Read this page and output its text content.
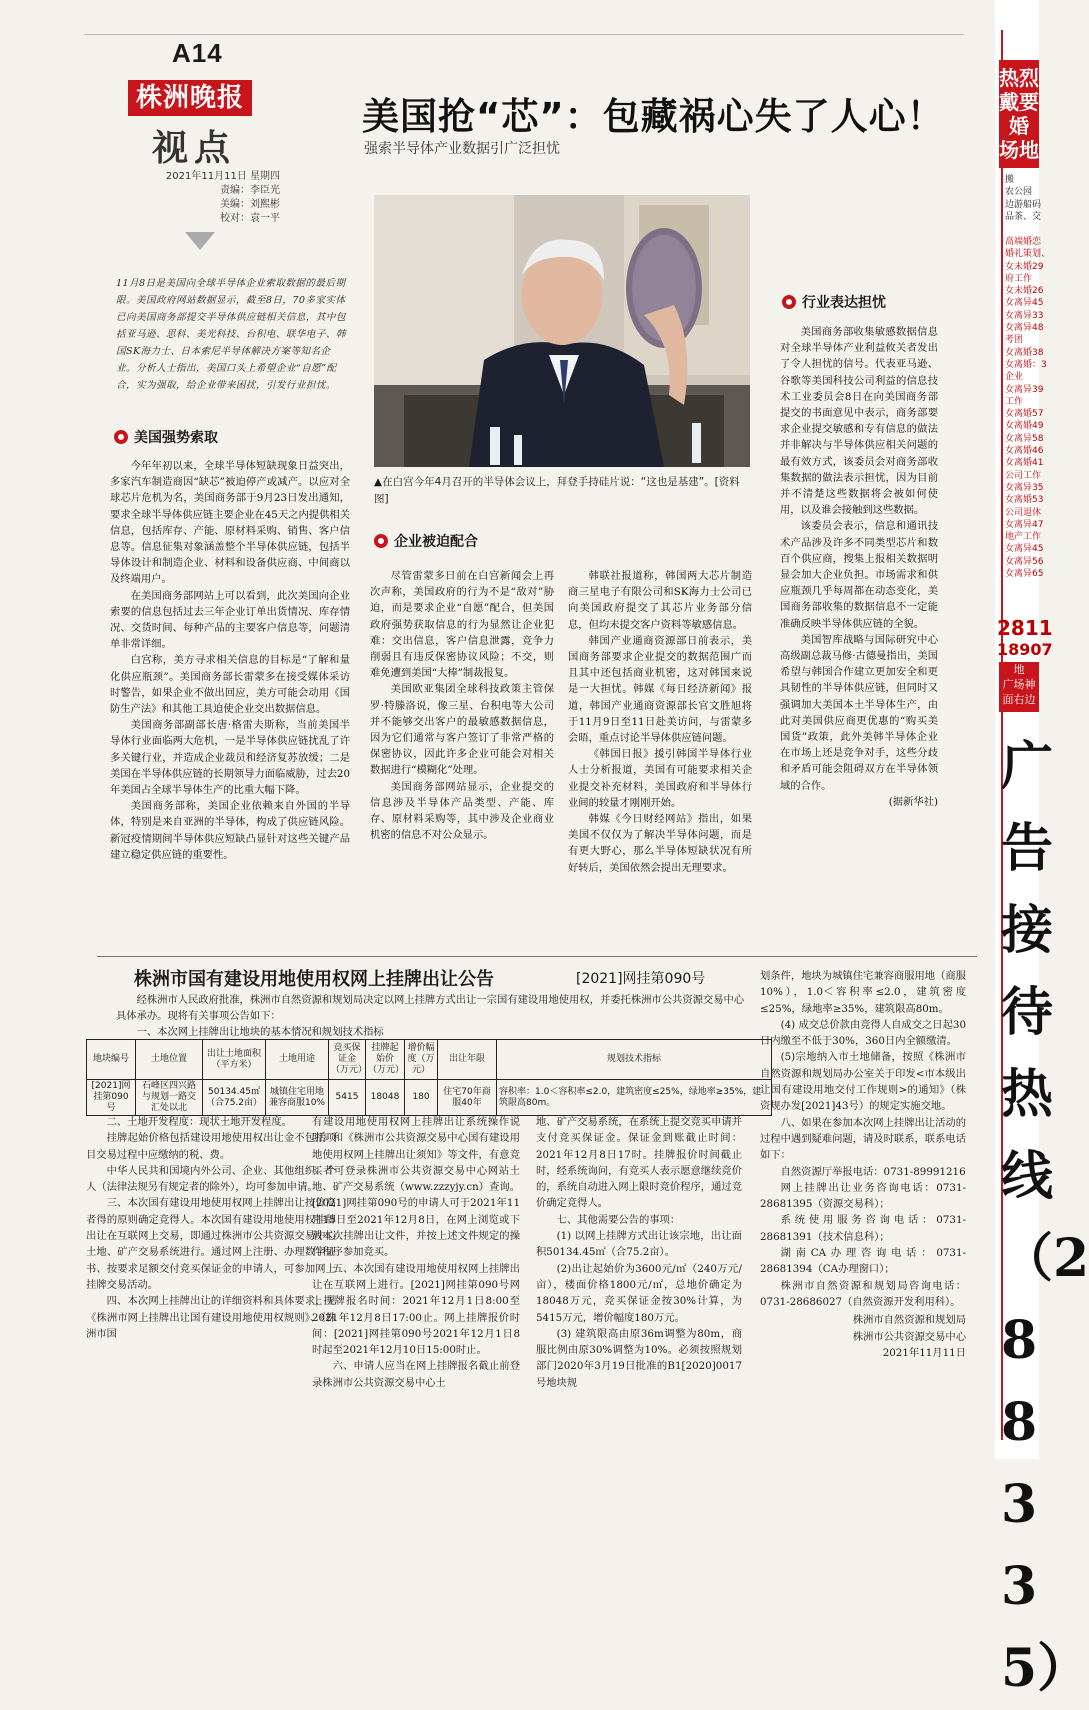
A14
株洲晚报
视点
2021年11月11日 星期四
责编：李臣光
美编：刘熙彬
校对：袁一平
美国抢“芯”：包藏祸心失了人心！
强索半导体产业数据引广泛担忧
11月8日是美国向全球半导体企业索取数据的最后期限。美国政府网站数据显示，截至8日，70多家实体已向美国商务部提交半导体供应链相关信息，其中包括亚马逊、思科、美光科技、台积电、联华电子、韩国SK海力士、日本索尼半导体解决方案等知名企业。分析人士指出，美国口头上希望企业“自愿”配合，实为强取，给企业带来困扰，引发行业担忧。
▲在白宫今年4月召开的半导体会议上，拜登手持硅片说：“这也是基建”。[资料图]
美国强势索取

今年年初以来，全球半导体短缺现象日益突出，多家汽车制造商因“缺芯”被迫停产或减产。以应对全球芯片危机为名，美国商务部于9月23日发出通知，要求全球半导体供应链主要企业在45天之内提供相关信息，包括库存、产能、原材料采购、销售、客户信息等。信息征集对象涵盖整个半导体供应链，包括半导体设计和制造企业、材料和设备供应商、中间商以及终端用户。

在美国商务部网站上可以看到，此次美国向企业索要的信息包括过去三年企业订单出货情况、库存情况、交货时间、每种产品的主要客户信息等，问题清单非常详细。

白宫称，美方寻求相关信息的目标是“了解和量化供应瓶颈”。美国商务部长雷蒙多在接受媒体采访时警告，如果企业不做出回应，美方可能会动用《国防生产法》和其他工具迫使企业交出数据信息。

美国商务部副部长唐·格雷夫斯称，当前美国半导体行业面临两大危机，一是半导体供应链扰乱了许多关键行业，并造成企业裁员和经济复苏放缓；二是美国在半导体供应链的长期领导力面临威胁，过去20年美国占全球半导体生产的比重大幅下降。

美国商务部称，美国企业依赖来自外国的半导体，特别是来自亚洲的半导体，构成了供应链风险。新冠疫情期间半导体供应短缺凸显针对这些关键产品建立稳定供应链的重要性。

企业被迫配合

尽管雷蒙多日前在白宫新闻会上再次声称，美国政府的行为不是“敌对”胁迫，而是要求企业“自愿”配合，但美国政府强势获取信息的行为显然让企业犯难：交出信息，客户信息泄露，竞争力削弱且有违反保密协议风险；不交，则难免遭到美国“大棒”制裁报复。

美国欧亚集团全球科技政策主管保罗·特滕洛说，像三星、台积电等大公司并不能够交出客户的最敏感数据信息，因为它们通常与客户签订了非常严格的保密协议，因此许多企业可能会对相关数据进行“模糊化”处理。

美国商务部网站显示，企业提交的信息涉及半导体产品类型、产能、库存、原材料采购等，其中涉及企业商业机密的信息不对公众显示。

韩联社报道称，韩国两大芯片制造商三星电子有限公司和SK海力士公司已向美国政府提交了其芯片业务部分信息，但均未提交客户资料等敏感信息。

韩国产业通商资源部日前表示，美国商务部要求企业提交的数据范围广而且其中还包括商业机密，这对韩国来说是一大担忧。韩媒《每日经济新闻》报道，韩国产业通商资源部长官文胜旭将于11月9日至11日赴美访问，与雷蒙多会晤，重点讨论半导体供应链问题。

《韩国日报》援引韩国半导体行业人士分析报道，美国有可能要求相关企业提交补充材料，美国政府和半导体行业间的较量才刚刚开始。

韩媒《今日财经网站》指出，如果美国不仅仅为了解决半导体问题，而是有更大野心，那么半导体短缺状况有所好转后，美国依然会提出无理要求。

行业表达担忧

美国商务部收集敏感数据信息对全球半导体产业利益攸关者发出了令人担忧的信号。代表亚马逊、谷歌等美国科技公司利益的信息技术工业委员会8日在向美国商务部提交的书面意见中表示，商务部要求企业提交敏感和专有信息的做法并非解决与半导体供应相关问题的最有效方式，该委员会对商务部收集数据的做法表示担忧，因为目前并不清楚这些数据将会被如何使用，以及谁会接触到这些数据。

该委员会表示，信息和通讯技术产品涉及许多不同类型芯片和数百个供应商，搜集上报相关数据明显会加大企业负担。市场需求和供应瓶颈几乎每周都在动态变化，美国商务部收集的数据信息不一定能准确反映半导体供应链的全貌。

美国智库战略与国际研究中心高级副总裁马修·古德曼指出，美国希望与韩国合作建立更加安全和更具韧性的半导体供应链，但同时又强调加大美国本土半导体生产，由此对美国供应商更优惠的“购买美国货”政策，此外美韩半导体企业在市场上还是竞争对手，这些分歧和矛盾可能会阻碍双方在半导体领域的合作。

(据新华社)

株洲市国有建设用地使用权网上挂牌出让公告	[2021]网挂第090号

经株洲市人民政府批准，株洲市自然资源和规划局决定以网上挂牌方式出让一宗国有建设用地使用权，并委托株洲市公共资源交易中心具体承办。现将有关事项公告如下：

一、本次网上挂牌出让地块的基本情况和规划技术指标

地块编号	土地位置	出让土地面积（平方米）	土地用途	竞买保证金（万元）	挂牌起始价（万元）	增价幅度（万元）	出让年限	规划技术指标
[2021]网挂第090号	石峰区四兴路与规划一路交汇处以北	50134.45㎡（合75.2亩）	城镇住宅用地兼容商服10%	5415	18048	180	住宅70年商服40年	容积率：1.0＜容积率≤2.0，建筑密度≤25%，绿地率≥35%，建筑限高80m。

二、土地开发程度：现状土地开发程度。

挂牌起始价格包括建设用地使用权出让金不包括项目交易过程中应缴纳的税、费。

中华人民共和国境内外公司、企业、其他组织、个人（法律法规另有规定者的除外），均可参加申请。

三、本次国有建设用地使用权网上挂牌出让按价高者得的原则确定竞得人。本次国有建设用地使用权挂牌出让在互联网上交易，即通过株洲市公共资源交易中心土地、矿产交易系统进行。通过网上注册、办理数字证书、按要求足额交付竞买保证金的申请人，可参加网上挂牌交易活动。

四、本次网上挂牌出让的详细资料和具体要求，见《株洲市网上挂牌出让国有建设用地使用权规则》、《株洲市国

有建设用地使用权网上挂牌出让系统操作说明》和《株洲市公共资源交易中心国有建设用地使用权网上挂牌出让须知》等文件，有意竞买者可登录株洲市公共资源交易中心网站土地、矿产交易系统（www.zzzyjy.cn）查询。[2021]网挂第090号的申请人可于2021年11月15日至2021年12月8日，在网上浏览或下载本次挂牌出让文件，并按上述文件规定的操作程序参加竞买。

五、本次国有建设用地使用权网上挂牌出让在互联网上进行。[2021]网挂第090号网上挂牌报名时间：2021年12月1日8:00至2021年12月8日17:00止。网上挂牌报价时间：[2021]网挂第090号2021年12月1日8时起至2021年12月10日15:00时止。

六、申请人应当在网上挂牌报名截止前登录株洲市公共资源交易中心土

地、矿产交易系统，在系统上提交竞买申请并支付竞买保证金。保证金到账截止时间：2021年12月8日17时。挂牌报价时间截止时，经系统询问，有竞买人表示愿意继续竞价的，系统自动进入网上限时竞价程序，通过竞价确定竞得人。

七、其他需要公告的事项：

(1) 以网上挂牌方式出让该宗地，出让面积50134.45㎡（合75.2亩）。

(2)出让起始价为3600元/㎡（240万元/亩），楼面价格1800元/㎡，总地价确定为18048万元，竞买保证金按30%计算，为5415万元，增价幅度180万元。

(3) 建筑限高由原36m调整为80m，商服比例由原30%调整为10%。必须按照规划部门2020年3月19日批准的B1[2020]0017号地块规

划条件，地块为城镇住宅兼容商服用地（商服10%），1.0＜容积率≤2.0，建筑密度≤25%，绿地率≥35%，建筑限高80m。

(4) 成交总价款由竞得人自成交之日起30日内缴至不低于30%，360日内全额缴清。

(5)宗地纳入市土地储备，按照《株洲市自然资源和规划局办公室关于印发<市本级出让国有建设用地交付工作规则>的通知》（株资规办发[2021]43号）的规定实施交地。

八、如果在参加本次网上挂牌出让活动的过程中遇到疑难问题，请及时联系，联系电话如下：

自然资源厅举报电话：0731-89991216

网上挂牌出让业务咨询电话：0731-28681395（资源交易科）；

系统使用服务咨询电话：0731-28681391（技术信息科）；

湖南CA办理咨询电话：0731-28681394（CA办理窗口）；

株洲市自然资源和规划局咨询电话：0731-28686027（自然资源开发利用科）。

株洲市自然资源和规划局
株洲市公共资源交易中心
2021年11月11日
热烈
戴要
婚
场地
搬
农公园
边游船码
品茶、交
高端婚恋
婚礼策划、
女未婚29
府工作
女未婚26
女离异45
女离异33
女离异48
考团
女离婚38
女离婚：3
企业
女离异39
工作
女离婚57
女离婚49
女离异58
女离婚46
女离婚41
公司工作
女离异35
女离婚53
公司退休
女离异47
地产工作
女离异45
女离异56
女离异65
2811
18907
地
广场神
面右边
广告接待热线（288335）
